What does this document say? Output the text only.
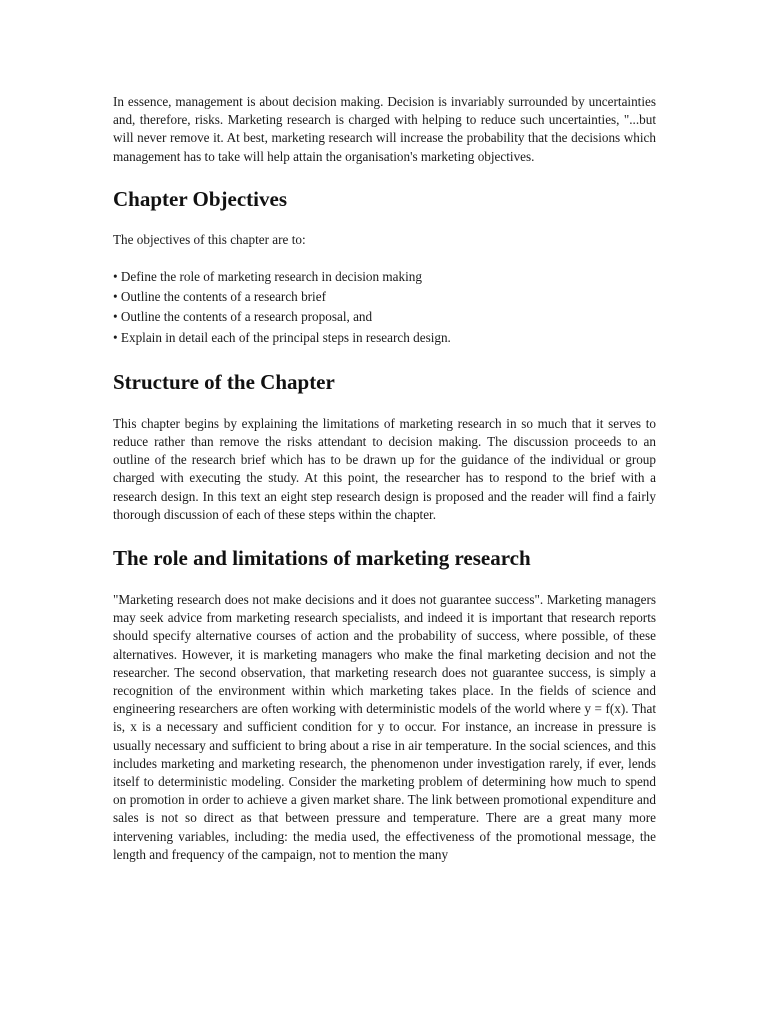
In essence, management is about decision making. Decision is invariably surrounded by uncertainties and, therefore, risks. Marketing research is charged with helping to reduce such uncertainties, "...but will never remove it. At best, marketing research will increase the probability that the decisions which management has to take will help attain the organisation's marketing objectives.

Chapter Objectives

The objectives of this chapter are to:

• Define the role of marketing research in decision making
• Outline the contents of a research brief
• Outline the contents of a research proposal, and
• Explain in detail each of the principal steps in research design.
Structure of the Chapter

This chapter begins by explaining the limitations of marketing research in so much that it serves to reduce rather than remove the risks attendant to decision making. The discussion proceeds to an outline of the research brief which has to be drawn up for the guidance of the individual or group charged with executing the study. At this point, the researcher has to respond to the brief with a research design. In this text an eight step research design is proposed and the reader will find a fairly thorough discussion of each of these steps within the chapter.

The role and limitations of marketing research

"Marketing research does not make decisions and it does not guarantee success". Marketing managers may seek advice from marketing research specialists, and indeed it is important that research reports should specify alternative courses of action and the probability of success, where possible, of these alternatives. However, it is marketing managers who make the final marketing decision and not the researcher. The second observation, that marketing research does not guarantee success, is simply a recognition of the environment within which marketing takes place. In the fields of science and engineering researchers are often working with deterministic models of the world where y = f(x). That is, x is a necessary and sufficient condition for y to occur. For instance, an increase in pressure is usually necessary and sufficient to bring about a rise in air temperature. In the social sciences, and this includes marketing and marketing research, the phenomenon under investigation rarely, if ever, lends itself to deterministic modeling. Consider the marketing problem of determining how much to spend on promotion in order to achieve a given market share. The link between promotional expenditure and sales is not so direct as that between pressure and temperature. There are a great many more intervening variables, including: the media used, the effectiveness of the promotional message, the length and frequency of the campaign, not to mention the many
